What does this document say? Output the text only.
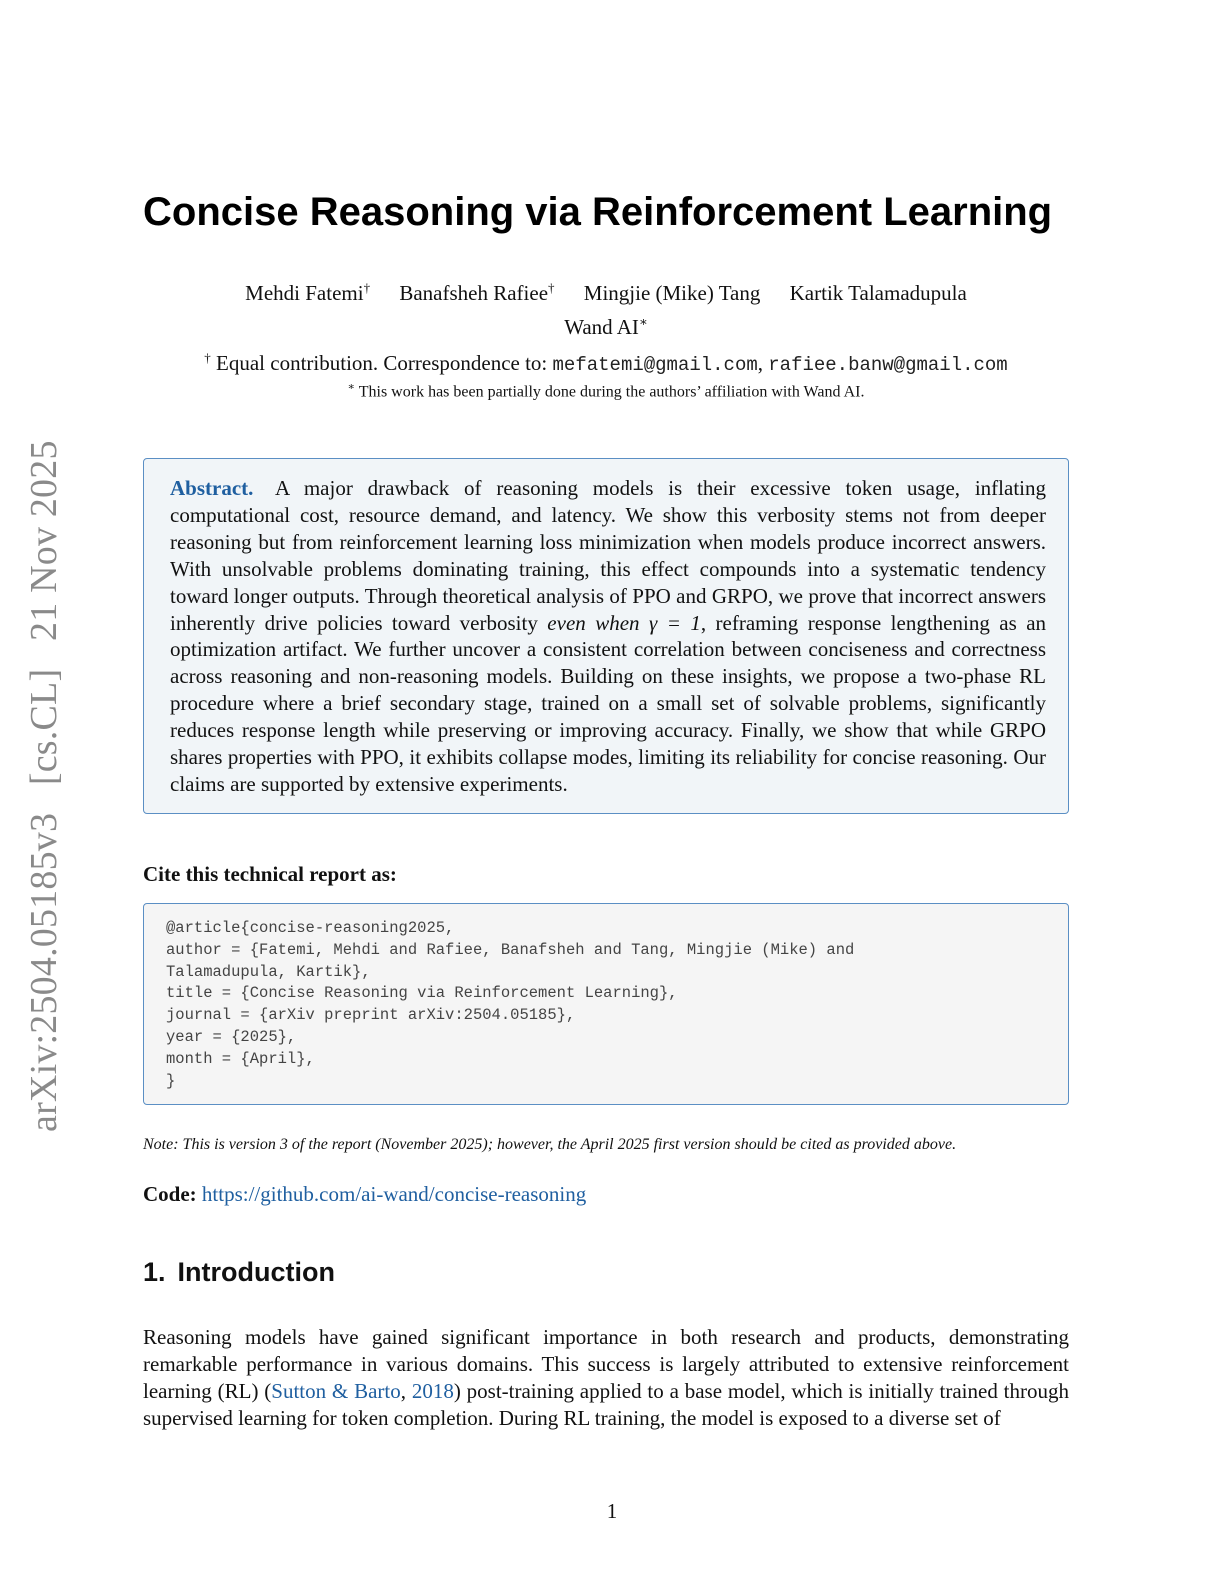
arXiv:2504.05185v3 [cs.CL] 21 Nov 2025
Concise Reasoning via Reinforcement Learning
Mehdi Fatemi† Banafsheh Rafiee† Mingjie (Mike) Tang Kartik Talamadupula
Wand AI∗
† Equal contribution. Correspondence to: mefatemi@gmail.com, rafiee.banw@gmail.com
∗ This work has been partially done during the authors’ affiliation with Wand AI.
Abstract. A major drawback of reasoning models is their excessive token usage, inflating computational cost, resource demand, and latency. We show this verbosity stems not from deeper reasoning but from reinforcement learning loss minimization when models produce incorrect answers. With unsolvable problems dominating training, this effect compounds into a systematic tendency toward longer outputs. Through theoretical analysis of PPO and GRPO, we prove that incorrect answers inherently drive policies toward verbosity even when γ = 1, reframing response lengthening as an optimization artifact. We further uncover a consistent correlation between conciseness and correctness across reasoning and non-reasoning models. Building on these insights, we propose a two-phase RL procedure where a brief secondary stage, trained on a small set of solvable problems, significantly reduces response length while preserving or improving accuracy. Finally, we show that while GRPO shares properties with PPO, it exhibits collapse modes, limiting its reliability for concise reasoning. Our claims are supported by extensive experiments.
Cite this technical report as:
@article{concise-reasoning2025,
author = {Fatemi, Mehdi and Rafiee, Banafsheh and Tang, Mingjie (Mike) and
Talamadupula, Kartik},
title = {Concise Reasoning via Reinforcement Learning},
journal = {arXiv preprint arXiv:2504.05185},
year = {2025},
month = {April},
}
Note: This is version 3 of the report (November 2025); however, the April 2025 first version should be cited as provided above.
Code: https://github.com/ai-wand/concise-reasoning
1. Introduction
Reasoning models have gained significant importance in both research and products, demonstrating remarkable performance in various domains. This success is largely attributed to extensive reinforcement learning (RL) (Sutton & Barto, 2018) post-training applied to a base model, which is initially trained through supervised learning for token completion. During RL training, the model is exposed to a diverse set of
1
